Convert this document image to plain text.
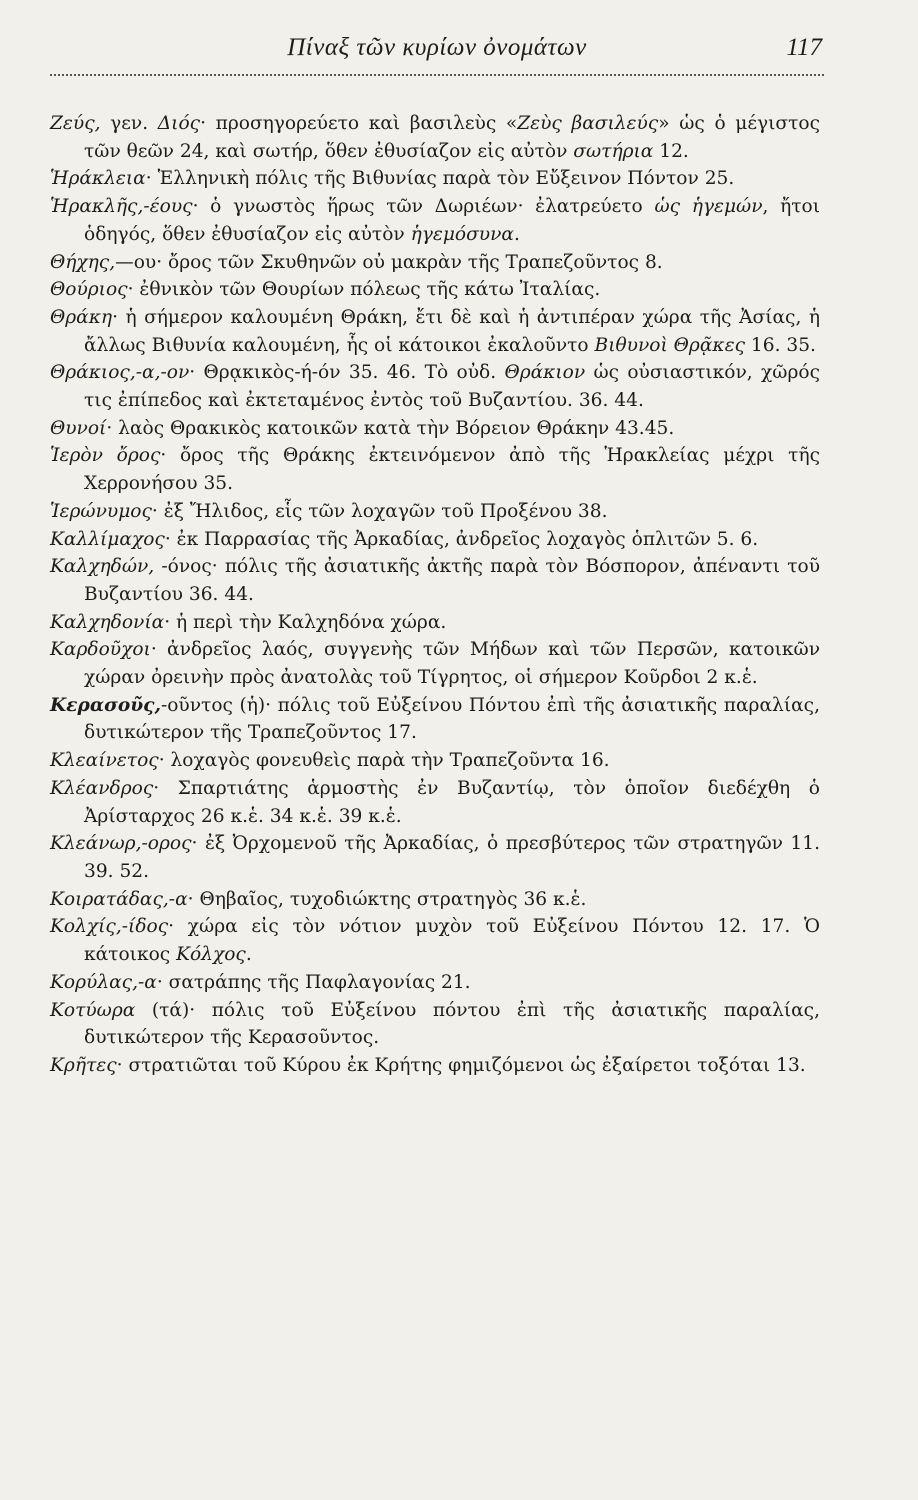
Πίναξ τῶν κυρίων ὀνομάτων	117
Ζεύς, γεν. Διός· προσηγορεύετο καὶ βασιλεὺς «Ζεὺς βασιλεύς» ὡς ὁ μέγιστος τῶν θεῶν 24, καὶ σωτήρ, ὅθεν ἐθυσίαζον εἰς αὐτὸν σωτήρια 12.
Ἡράκλεια· Ἑλληνικὴ πόλις τῆς Βιθυνίας παρὰ τὸν Εὔξεινον Πόντον 25.
Ἡρακλῆς,-έους· ὁ γνωστὸς ἥρως τῶν Δωριέων· ἐλατρεύετο ὡς ἡγεμών, ἤτοι ὁδηγός, ὅθεν ἐθυσίαζον εἰς αὐτὸν ἡγεμόσυνα.
Θήχης,—ου· ὄρος τῶν Σκυθηνῶν οὐ μακρὰν τῆς Τραπεζοῦντος 8.
Θούριος· ἐθνικὸν τῶν Θουρίων πόλεως τῆς κάτω Ἰταλίας.
Θράκη· ἡ σήμερον καλουμένη Θράκη, ἔτι δὲ καὶ ἡ ἀντιπέραν χώρα τῆς Ἀσίας, ἡ ἄλλως Βιθυνία καλουμένη, ἧς οἱ κάτοικοι ἐκαλοῦντο Βιθυνοὶ Θρᾷκες 16. 35.
Θράκιος,-α,-ον· Θρᾳκικὸς-ή-όν 35. 46. Τὸ οὐδ. Θράκιον ὡς οὐσιαστικόν, χῶρός τις ἐπίπεδος καὶ ἐκτεταμένος ἐντὸς τοῦ Βυζαντίου. 36. 44.
Θυνοί· λαὸς Θρακικὸς κατοικῶν κατὰ τὴν Βόρειον Θράκην 43.45.
Ἱερὸν ὄρος· ὄρος τῆς Θράκης ἐκτεινόμενον ἀπὸ τῆς Ἡρακλείας μέχρι τῆς Χερρονήσου 35.
Ἱερώνυμος· ἐξ Ἤλιδος, εἷς τῶν λοχαγῶν τοῦ Προξένου 38.
Καλλίμαχος· ἐκ Παρρασίας τῆς Ἀρκαδίας, ἀνδρεῖος λοχαγὸς ὁπλιτῶν 5. 6.
Καλχηδών, -όνος· πόλις τῆς ἀσιατικῆς ἀκτῆς παρὰ τὸν Βόσπορον, ἀπέναντι τοῦ Βυζαντίου 36. 44.
Καλχηδονία· ἡ περὶ τὴν Καλχηδόνα χώρα.
Καρδοῦχοι· ἀνδρεῖος λαός, συγγενὴς τῶν Μήδων καὶ τῶν Περσῶν, κατοικῶν χώραν ὀρεινὴν πρὸς ἀνατολὰς τοῦ Τίγρητος, οἱ σήμερον Κοῦρδοι 2 κ.ἑ.
Κερασοῦς,-οῦντος (ἡ)· πόλις τοῦ Εὐξείνου Πόντου ἐπὶ τῆς ἀσιατικῆς παραλίας, δυτικώτερον τῆς Τραπεζοῦντος 17.
Κλεαίνετος· λοχαγὸς φονευθεὶς παρὰ τὴν Τραπεζοῦντα 16.
Κλέανδρος· Σπαρτιάτης ἁρμοστὴς ἐν Βυζαντίῳ, τὸν ὁποῖον διεδέχθη ὁ Ἀρίσταρχος 26 κ.ἑ. 34 κ.ἑ. 39 κ.ἑ.
Κλεάνωρ,-ορος· ἐξ Ὀρχομενοῦ τῆς Ἀρκαδίας, ὁ πρεσβύτερος τῶν στρατηγῶν 11. 39. 52.
Κοιρατάδας,-α· Θηβαῖος, τυχοδιώκτης στρατηγὸς 36 κ.ἑ.
Κολχίς,-ίδος· χώρα εἰς τὸν νότιον μυχὸν τοῦ Εὐξείνου Πόντου 12. 17. Ὁ κάτοικος Κόλχος.
Κορύλας,-α· σατράπης τῆς Παφλαγονίας 21.
Κοτύωρα (τά)· πόλις τοῦ Εὐξείνου πόντου ἐπὶ τῆς ἀσιατικῆς παραλίας, δυτικώτερον τῆς Κερασοῦντος.
Κρῆτες· στρατιῶται τοῦ Κύρου ἐκ Κρήτης φημιζόμενοι ὡς ἐξαίρετοι τοξόται 13.
